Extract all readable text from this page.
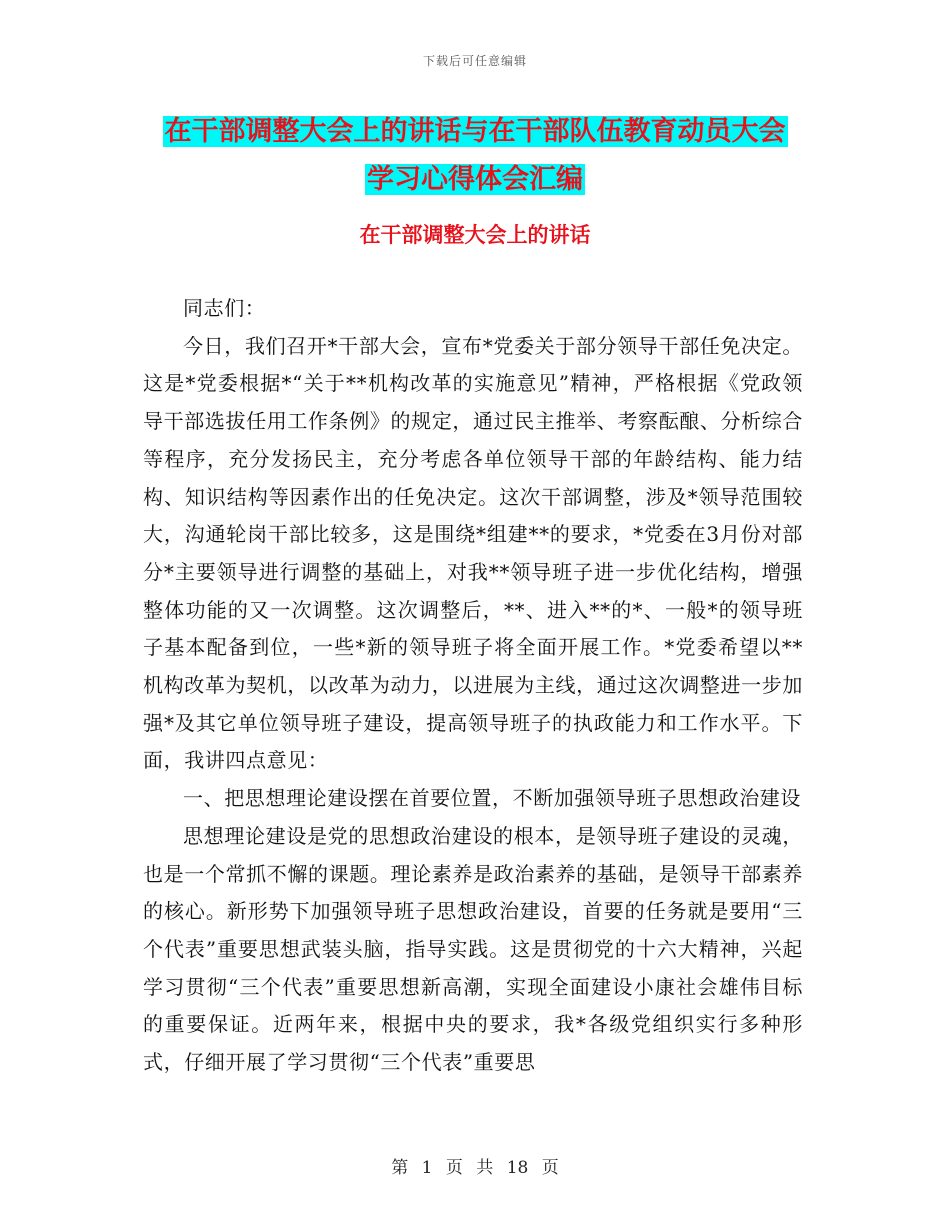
下载后可任意编辑
在干部调整大会上的讲话与在干部队伍教育动员大会
学习心得体会汇编
在干部调整大会上的讲话

同志们：

今日，我们召开*干部大会，宣布*党委关于部分领导干部任免决定。这是*党委根据*“关于**机构改革的实施意见”精神，严格根据《党政领导干部选拔任用工作条例》的规定，通过民主推举、考察酝酿、分析综合等程序，充分发扬民主，充分考虑各单位领导干部的年龄结构、能力结构、知识结构等因素作出的任免决定。这次干部调整，涉及*领导范围较大，沟通轮岗干部比较多，这是围绕*组建**的要求，*党委在3月份对部分*主要领导进行调整的基础上，对我**领导班子进一步优化结构，增强整体功能的又一次调整。这次调整后，**、进入**的*、一般*的领导班子基本配备到位，一些*新的领导班子将全面开展工作。*党委希望以**机构改革为契机，以改革为动力，以进展为主线，通过这次调整进一步加强*及其它单位领导班子建设，提高领导班子的执政能力和工作水平。下面，我讲四点意见：

一、把思想理论建设摆在首要位置，不断加强领导班子思想政治建设

思想理论建设是党的思想政治建设的根本，是领导班子建设的灵魂，也是一个常抓不懈的课题。理论素养是政治素养的基础，是领导干部素养的核心。新形势下加强领导班子思想政治建设，首要的任务就是要用“三个代表”重要思想武装头脑，指导实践。这是贯彻党的十六大精神，兴起学习贯彻“三个代表”重要思想新高潮，实现全面建设小康社会雄伟目标的重要保证。近两年来，根据中央的要求，我*各级党组织实行多种形式，仔细开展了学习贯彻“三个代表”重要思

第 1 页 共 18 页
